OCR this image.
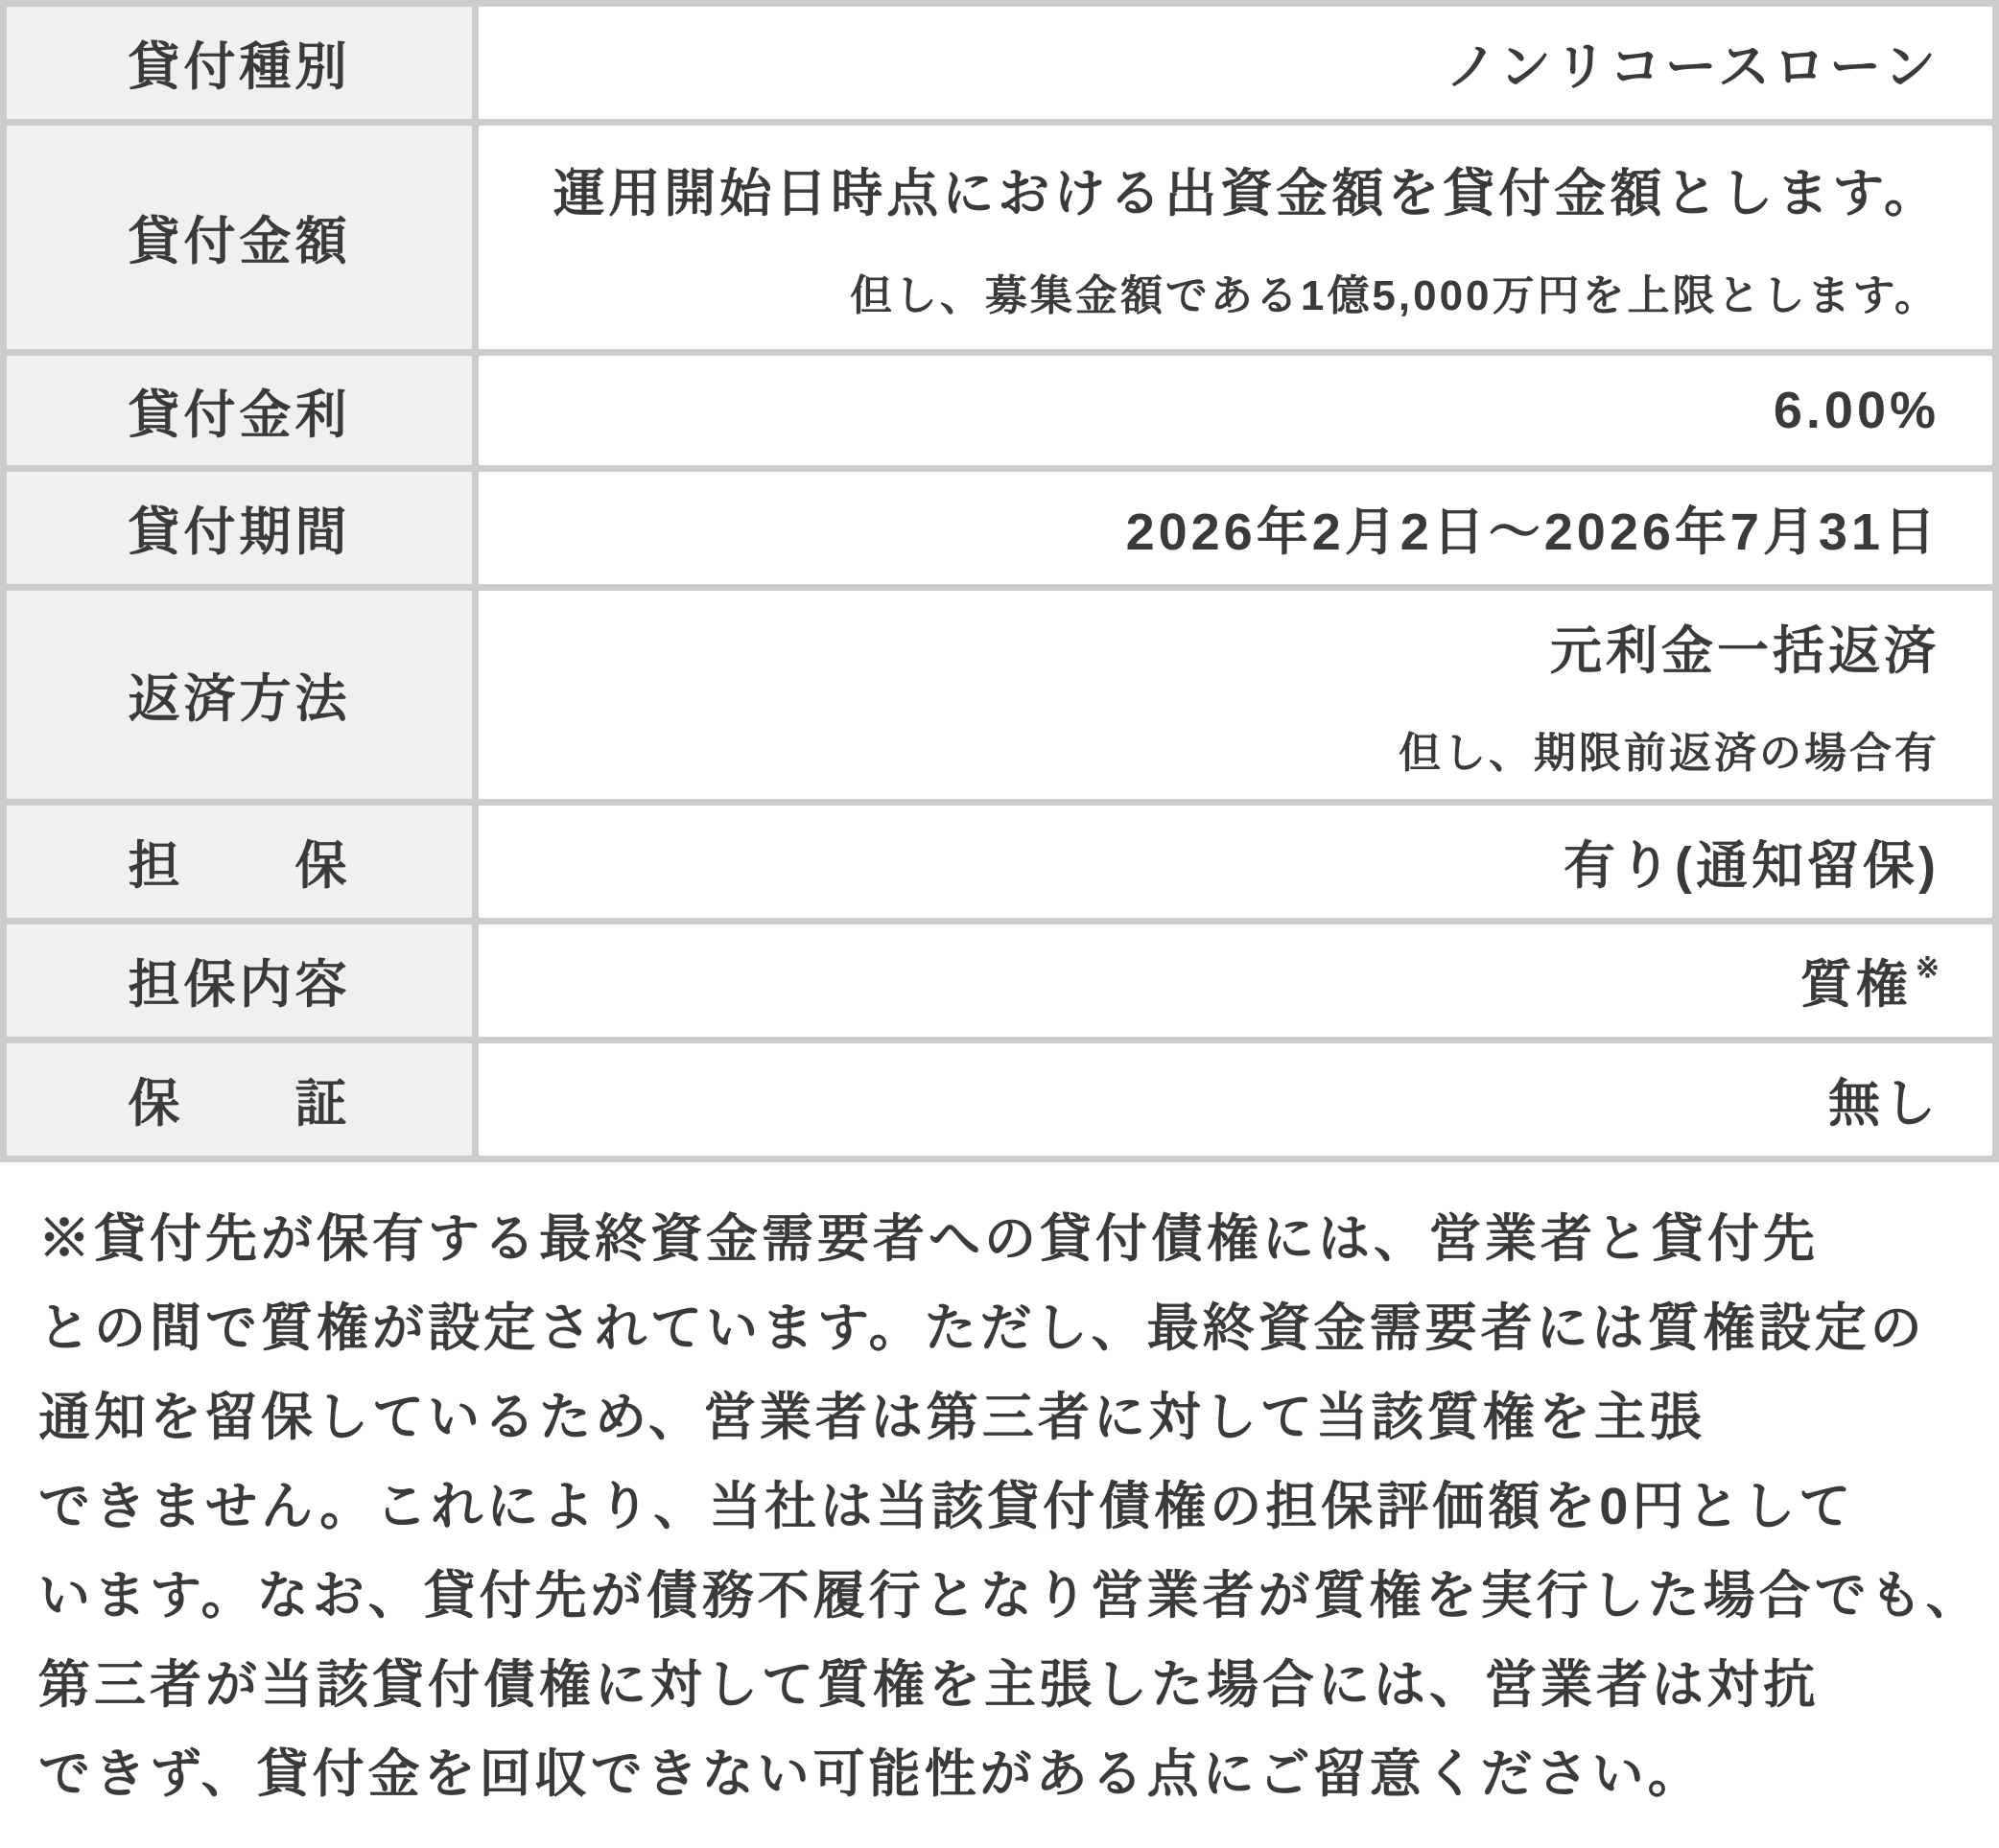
貸付種別	ノンリコースローン
貸付金額	運用開始日時点における出資金額を貸付金額とします。
但し、募集金額である1億5,000万円を上限とします。

貸付金利	6.00%
貸付期間	2026年2月2日〜2026年7月31日
返済方法	元利金一括返済
但し、期限前返済の場合有

担　　保	有り(通知留保)
担保内容	質権 ※
保　　証	無し
※貸付先が保有する最終資金需要者への貸付債権には、営業者と貸付先
との間で質権が設定されています。ただし、最終資金需要者には質権設定の
通知を留保しているため、営業者は第三者に対して当該質権を主張
できません。これにより、当社は当該貸付債権の担保評価額を0円として
います。なお、貸付先が債務不履行となり営業者が質権を実行した場合でも、
第三者が当該貸付債権に対して質権を主張した場合には、営業者は対抗
できず、貸付金を回収できない可能性がある点にご留意ください。
